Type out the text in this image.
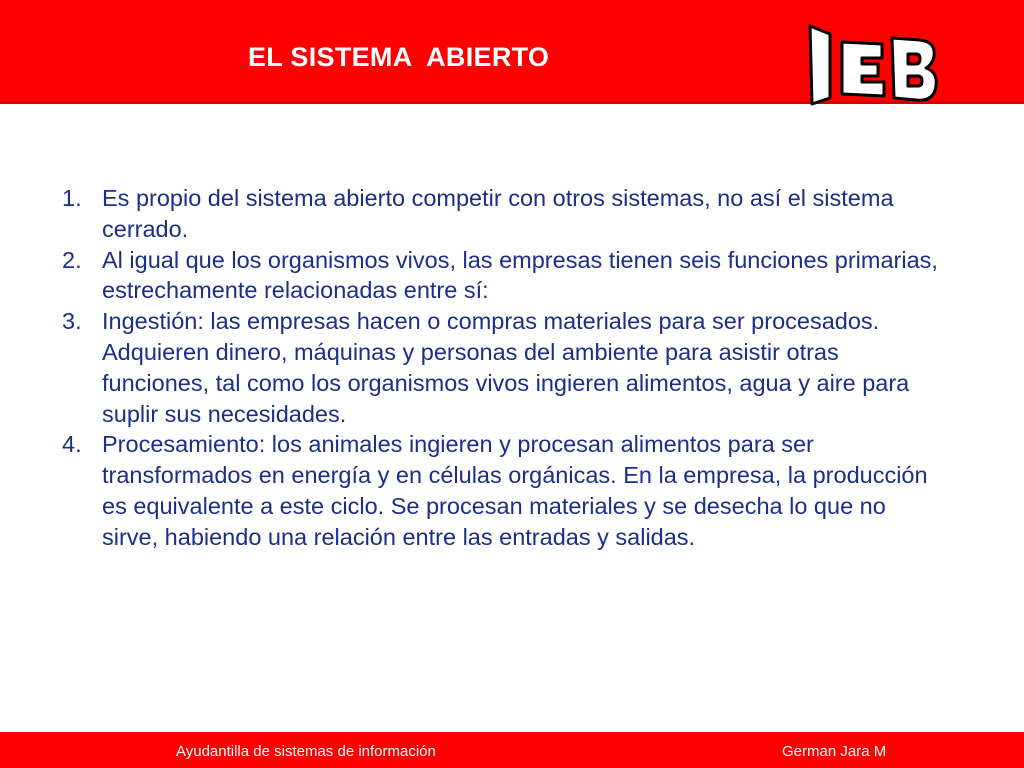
EL SISTEMA  ABIERTO
1. Es propio del sistema abierto competir con otros sistemas, no así el sistema cerrado.
2. Al igual que los organismos vivos, las empresas tienen seis funciones primarias, estrechamente relacionadas entre sí:
3. Ingestión: las empresas hacen o compras materiales para ser procesados. Adquieren dinero, máquinas y personas del ambiente para asistir otras funciones, tal como los organismos vivos ingieren alimentos, agua y aire para suplir sus necesidades.
4. Procesamiento: los animales ingieren y procesan alimentos para ser transformados en energía y en células orgánicas. En la empresa, la producción es equivalente a este ciclo. Se procesan materiales y se desecha lo que no sirve, habiendo una relación entre las entradas y salidas.
Ayudantilla de sistemas de información	German Jara M
